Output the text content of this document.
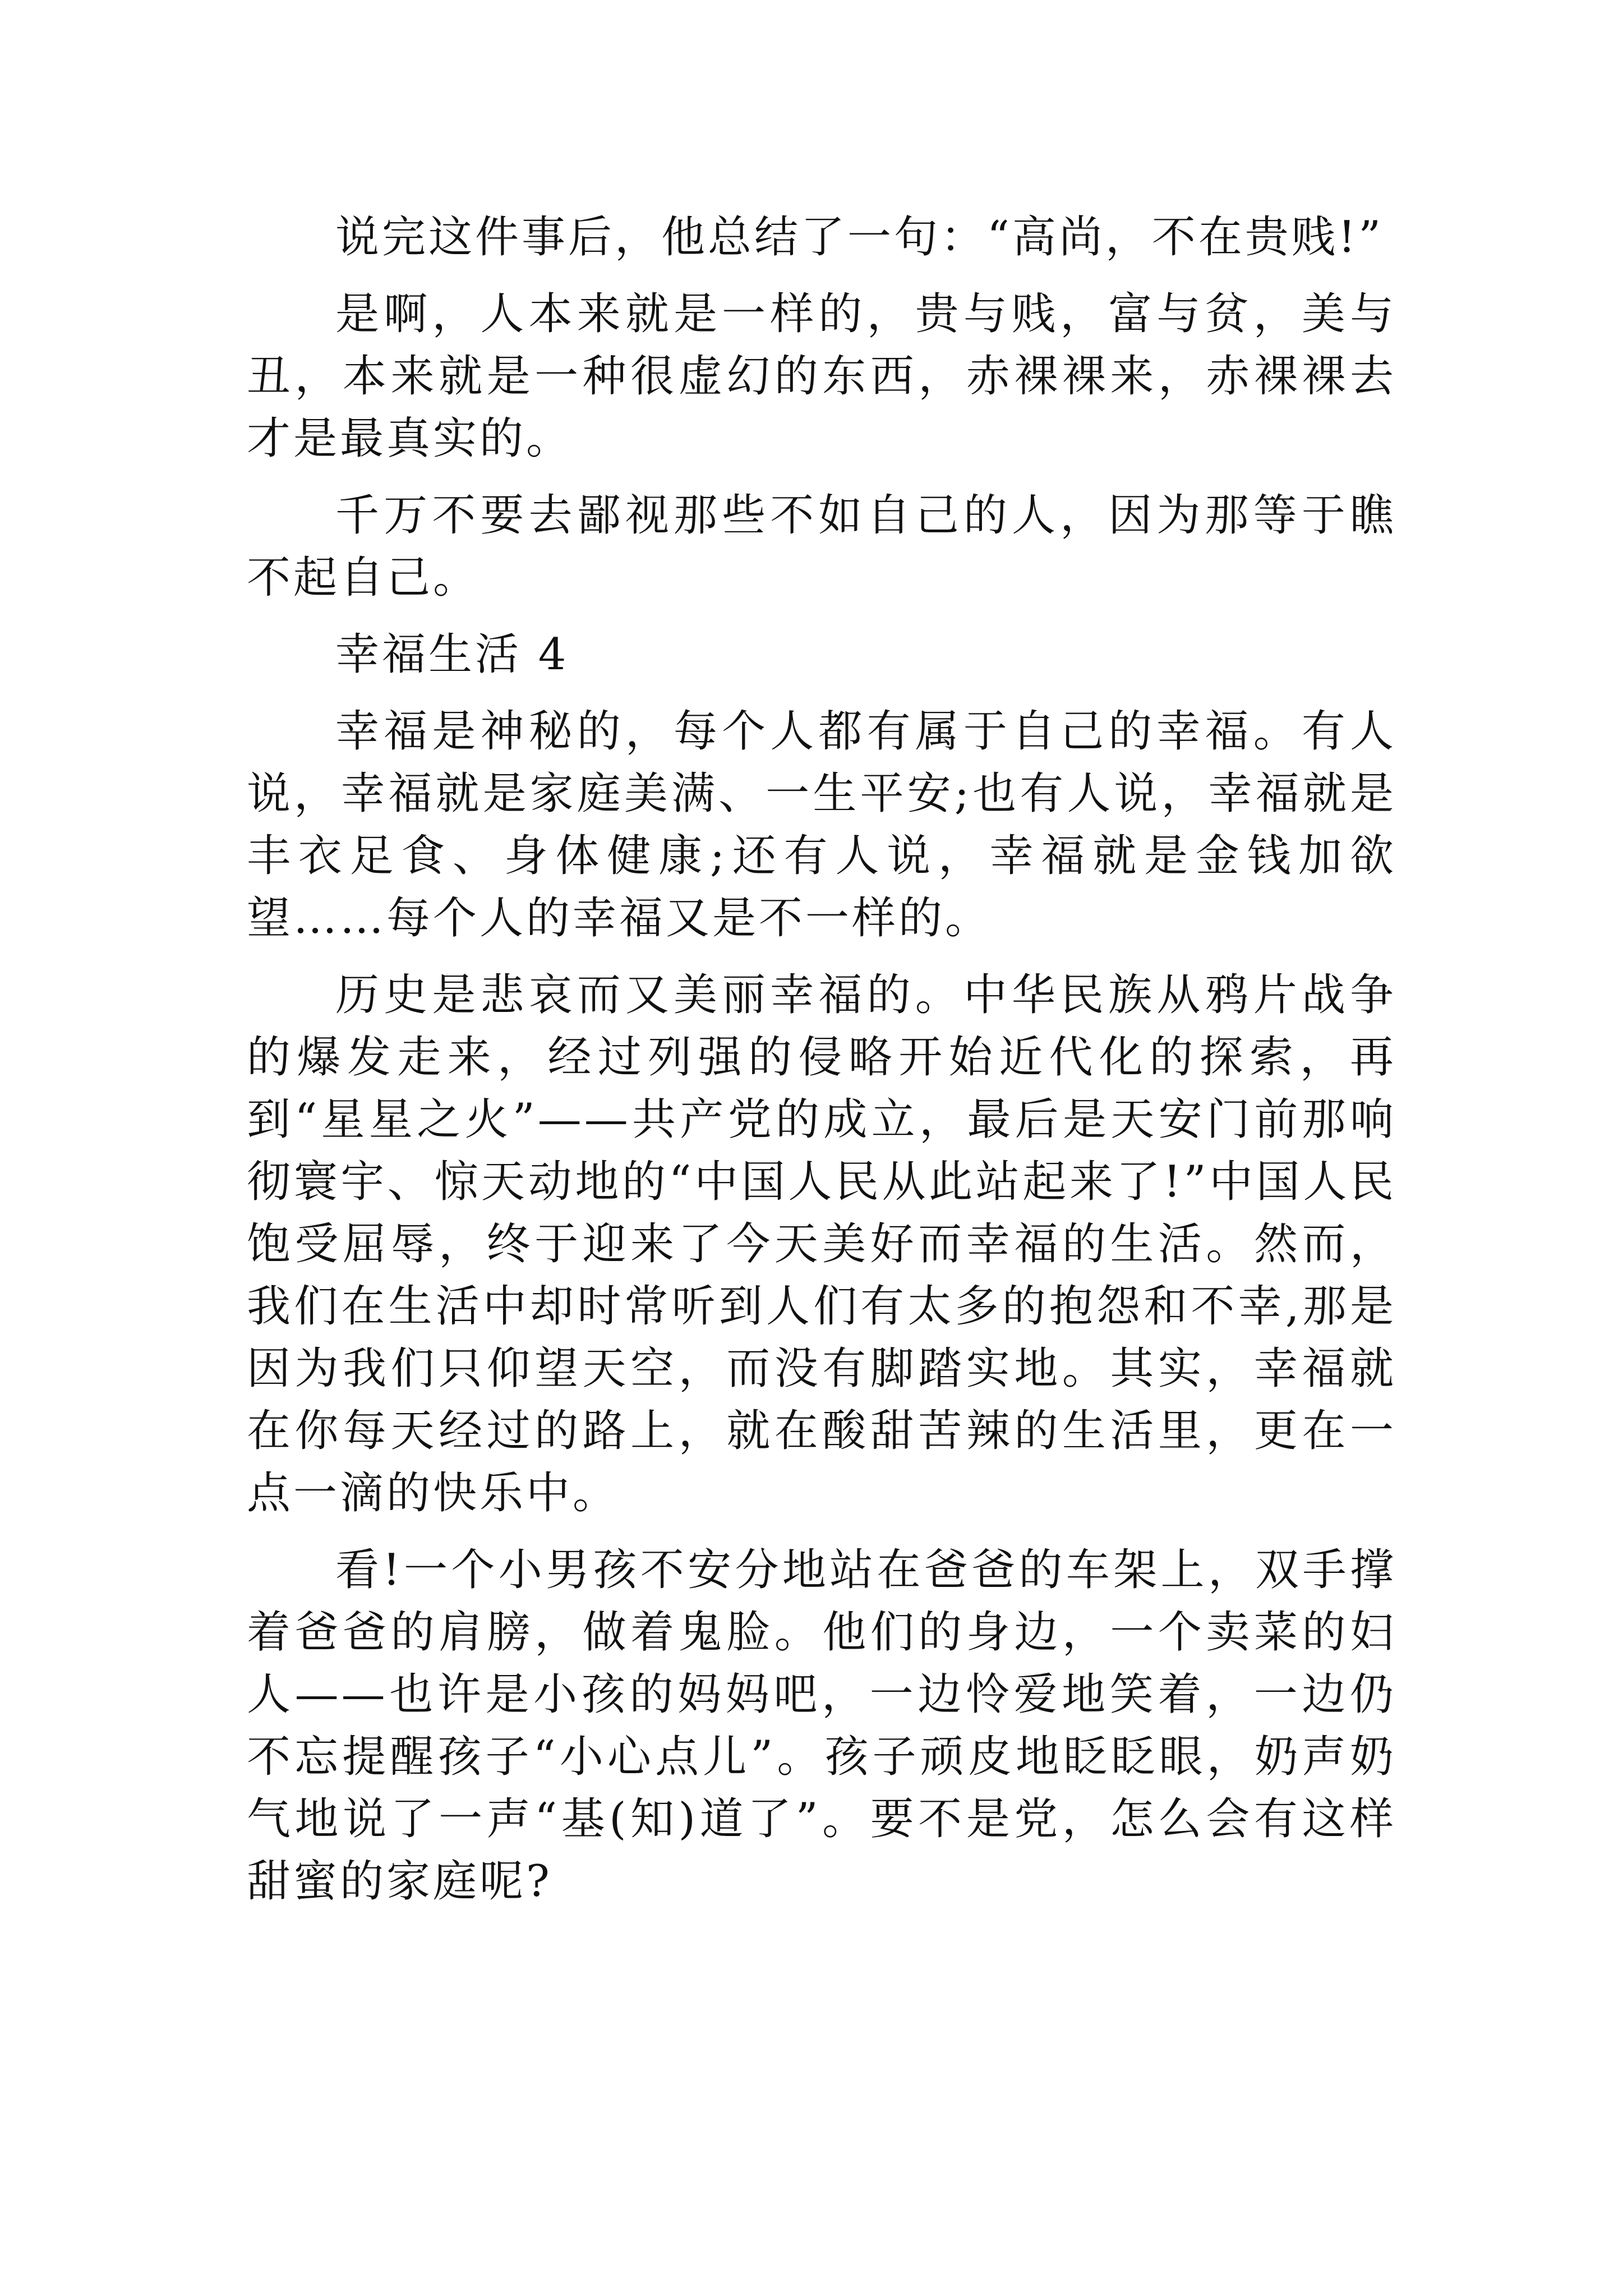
说完这件事后，他总结了一句：“高尚，不在贵贱!”

是啊，人本来就是一样的，贵与贱，富与贫，美与丑，本来就是一种很虚幻的东西，赤裸裸来，赤裸裸去才是最真实的。

千万不要去鄙视那些不如自己的人，因为那等于瞧不起自己。

幸福生活 4

幸福是神秘的，每个人都有属于自己的幸福。有人说，幸福就是家庭美满、一生平安;也有人说，幸福就是丰衣足食、身体健康;还有人说，幸福就是金钱加欲望……每个人的幸福又是不一样的。

历史是悲哀而又美丽幸福的。中华民族从鸦片战争的爆发走来，经过列强的侵略开始近代化的探索，再到“星星之火”——共产党的成立，最后是天安门前那响彻寰宇、惊天动地的“中国人民从此站起来了!”中国人民饱受屈辱，终于迎来了今天美好而幸福的生活。然而，我们在生活中却时常听到人们有太多的抱怨和不幸,那是因为我们只仰望天空，而没有脚踏实地。其实，幸福就在你每天经过的路上，就在酸甜苦辣的生活里，更在一点一滴的快乐中。

看!一个小男孩不安分地站在爸爸的车架上，双手撑着爸爸的肩膀，做着鬼脸。他们的身边，一个卖菜的妇人——也许是小孩的妈妈吧，一边怜爱地笑着，一边仍不忘提醒孩子“小心点儿”。孩子顽皮地眨眨眼，奶声奶气地说了一声“基(知)道了”。要不是党，怎么会有这样甜蜜的家庭呢?
